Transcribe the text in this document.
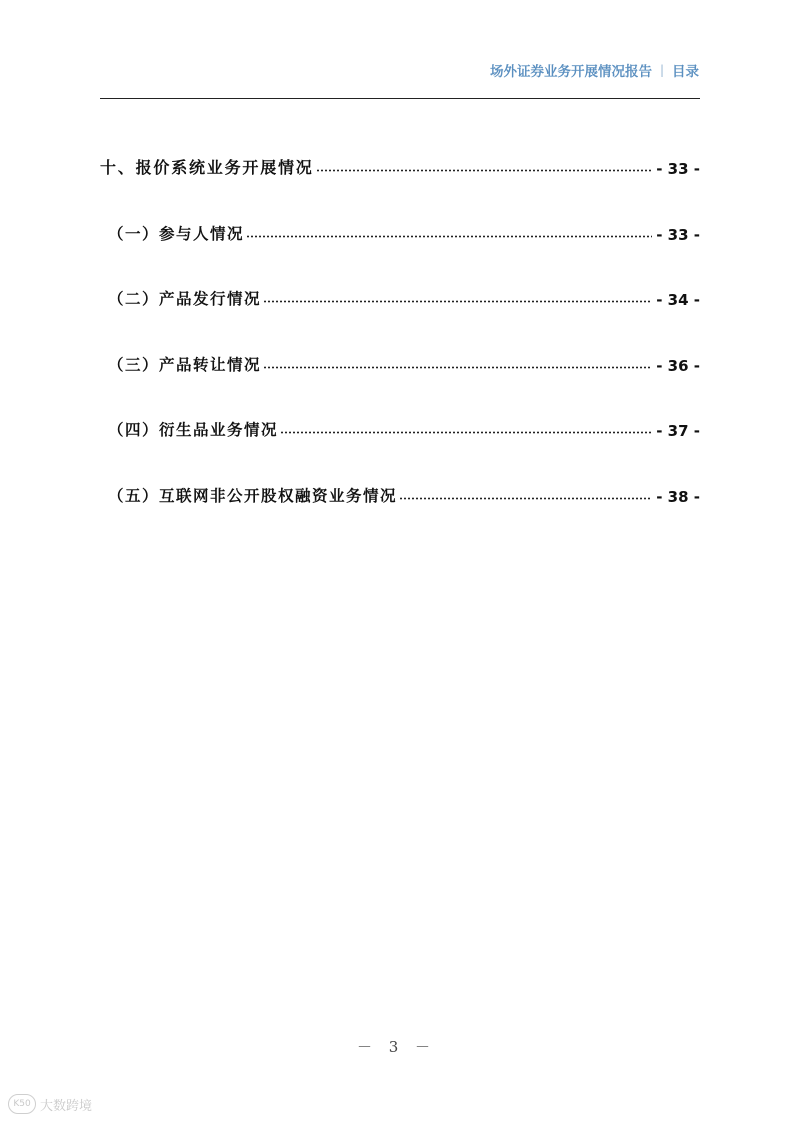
场外证券业务开展情况报告 | 目录
十、报价系统业务开展情况	- 33 -
（一）参与人情况	- 33 -
（二）产品发行情况	- 34 -
（三）产品转让情况	- 36 -
（四）衍生品业务情况	- 37 -
（五）互联网非公开股权融资业务情况	- 38 -
－ 3 －
K50 大数跨境
